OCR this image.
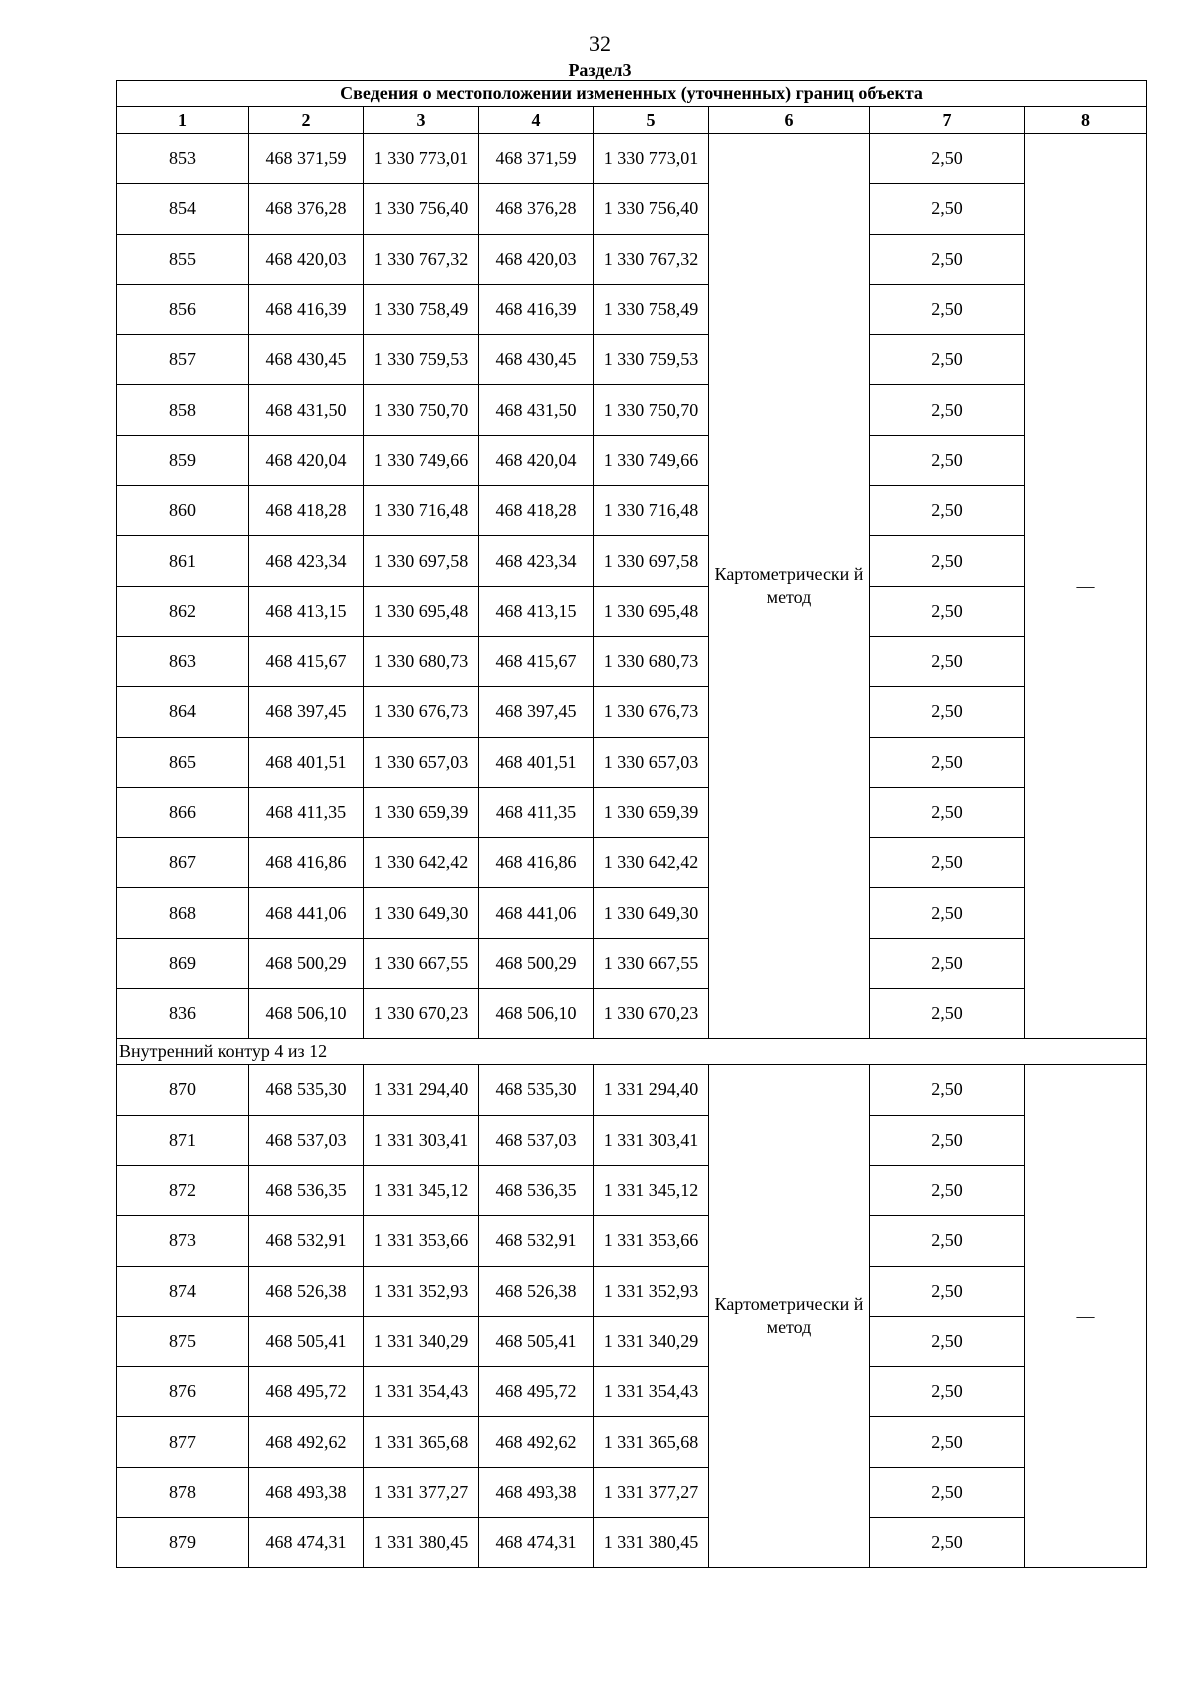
32
Раздел3
Сведения о местоположении измененных (уточненных) границ объекта							
1	2	3	4	5	6	7	8
853	468 371,59	1 330 773,01	468 371,59	1 330 773,01	Картометрически й метод	2,50	—
854	468 376,28	1 330 756,40	468 376,28	1 330 756,40		2,50	
855	468 420,03	1 330 767,32	468 420,03	1 330 767,32		2,50	
856	468 416,39	1 330 758,49	468 416,39	1 330 758,49		2,50	
857	468 430,45	1 330 759,53	468 430,45	1 330 759,53		2,50	
858	468 431,50	1 330 750,70	468 431,50	1 330 750,70		2,50	
859	468 420,04	1 330 749,66	468 420,04	1 330 749,66		2,50	
860	468 418,28	1 330 716,48	468 418,28	1 330 716,48		2,50	
861	468 423,34	1 330 697,58	468 423,34	1 330 697,58		2,50	
862	468 413,15	1 330 695,48	468 413,15	1 330 695,48		2,50	
863	468 415,67	1 330 680,73	468 415,67	1 330 680,73		2,50	
864	468 397,45	1 330 676,73	468 397,45	1 330 676,73		2,50	
865	468 401,51	1 330 657,03	468 401,51	1 330 657,03		2,50	
866	468 411,35	1 330 659,39	468 411,35	1 330 659,39		2,50	
867	468 416,86	1 330 642,42	468 416,86	1 330 642,42		2,50	
868	468 441,06	1 330 649,30	468 441,06	1 330 649,30		2,50	
869	468 500,29	1 330 667,55	468 500,29	1 330 667,55		2,50	
836	468 506,10	1 330 670,23	468 506,10	1 330 670,23		2,50	
Внутренний контур 4 из 12							
870	468 535,30	1 331 294,40	468 535,30	1 331 294,40	Картометрически й метод	2,50	—
871	468 537,03	1 331 303,41	468 537,03	1 331 303,41		2,50	
872	468 536,35	1 331 345,12	468 536,35	1 331 345,12		2,50	
873	468 532,91	1 331 353,66	468 532,91	1 331 353,66		2,50	
874	468 526,38	1 331 352,93	468 526,38	1 331 352,93		2,50	
875	468 505,41	1 331 340,29	468 505,41	1 331 340,29		2,50	
876	468 495,72	1 331 354,43	468 495,72	1 331 354,43		2,50	
877	468 492,62	1 331 365,68	468 492,62	1 331 365,68		2,50	
878	468 493,38	1 331 377,27	468 493,38	1 331 377,27		2,50	
879	468 474,31	1 331 380,45	468 474,31	1 331 380,45		2,50	
